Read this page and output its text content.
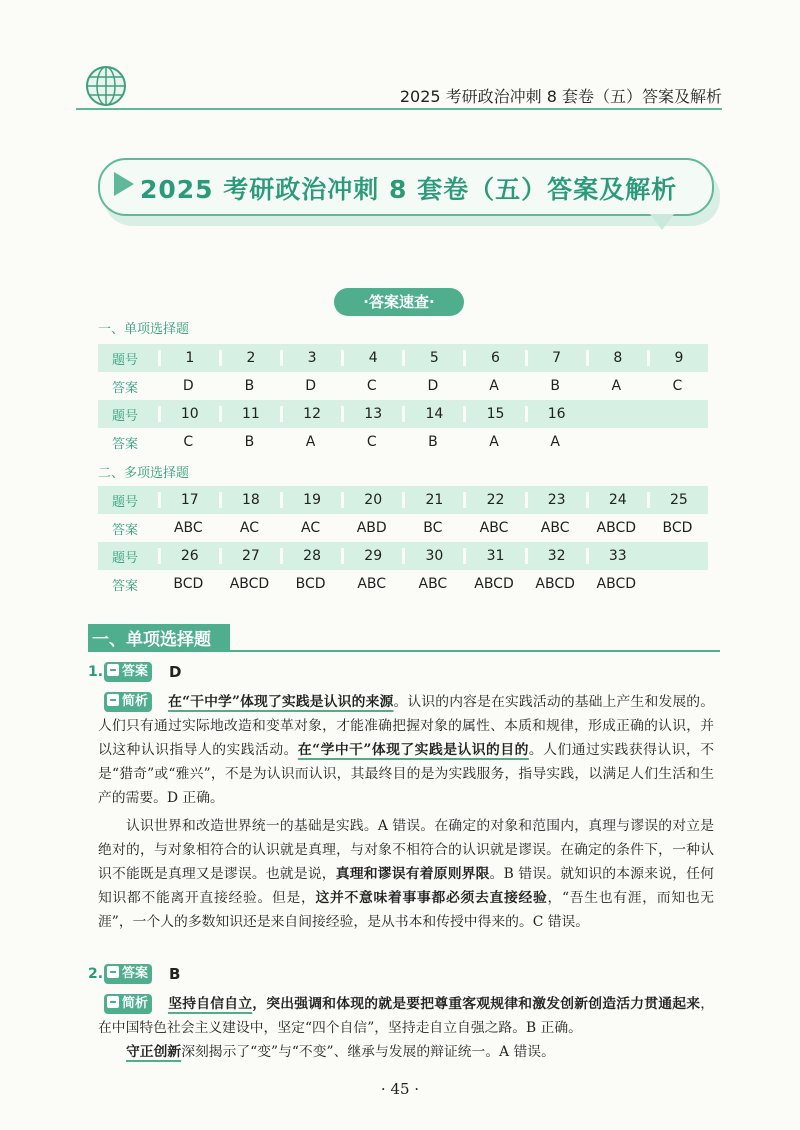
2025 考研政治冲刺 8 套卷（五）答案及解析
2025 考研政治冲刺 8 套卷（五）答案及解析
·答案速查·
一、单项选择题
题号	1	2	3	4	5	6	7	8	9
答案	D	B	D	C	D	A	B	A	C
题号	10	11	12	13	14	15	16
答案	C	B	A	C	B	A	A
二、多项选择题
题号	17	18	19	20	21	22	23	24	25
答案	ABC	AC	AC	ABD	BC	ABC	ABC	ABCD	BCD
题号	26	27	28	29	30	31	32	33
答案	BCD	ABCD	BCD	ABC	ABC	ABCD	ABCD	ABCD
一、单项选择题
1.	答案 D
简析	在“干中学”体现了实践是认识的来源。认识的内容是在实践活动的基础上产生和发展的。人们只有通过实际地改造和变革对象，才能准确把握对象的属性、本质和规律，形成正确的认识，并以这种认识指导人的实践活动。在“学中干”体现了实践是认识的目的。人们通过实践获得认识，不是“猎奇”或“雅兴”，不是为认识而认识，其最终目的是为实践服务，指导实践，以满足人们生活和生产的需要。D 正确。
认识世界和改造世界统一的基础是实践。A 错误。在确定的对象和范围内，真理与谬误的对立是绝对的，与对象相符合的认识就是真理，与对象不相符合的认识就是谬误。在确定的条件下，一种认识不能既是真理又是谬误。也就是说，真理和谬误有着原则界限。B 错误。就知识的本源来说，任何知识都不能离开直接经验。但是，这并不意味着事事都必须去直接经验，“吾生也有涯，而知也无涯”，一个人的多数知识还是来自间接经验，是从书本和传授中得来的。C 错误。
2.	答案 B
简析	坚持自信自立，突出强调和体现的就是要把尊重客观规律和激发创新创造活力贯通起来，在中国特色社会主义建设中，坚定“四个自信”，坚持走自立自强之路。B 正确。
守正创新深刻揭示了“变”与“不变”、继承与发展的辩证统一。A 错误。
· 45 ·
